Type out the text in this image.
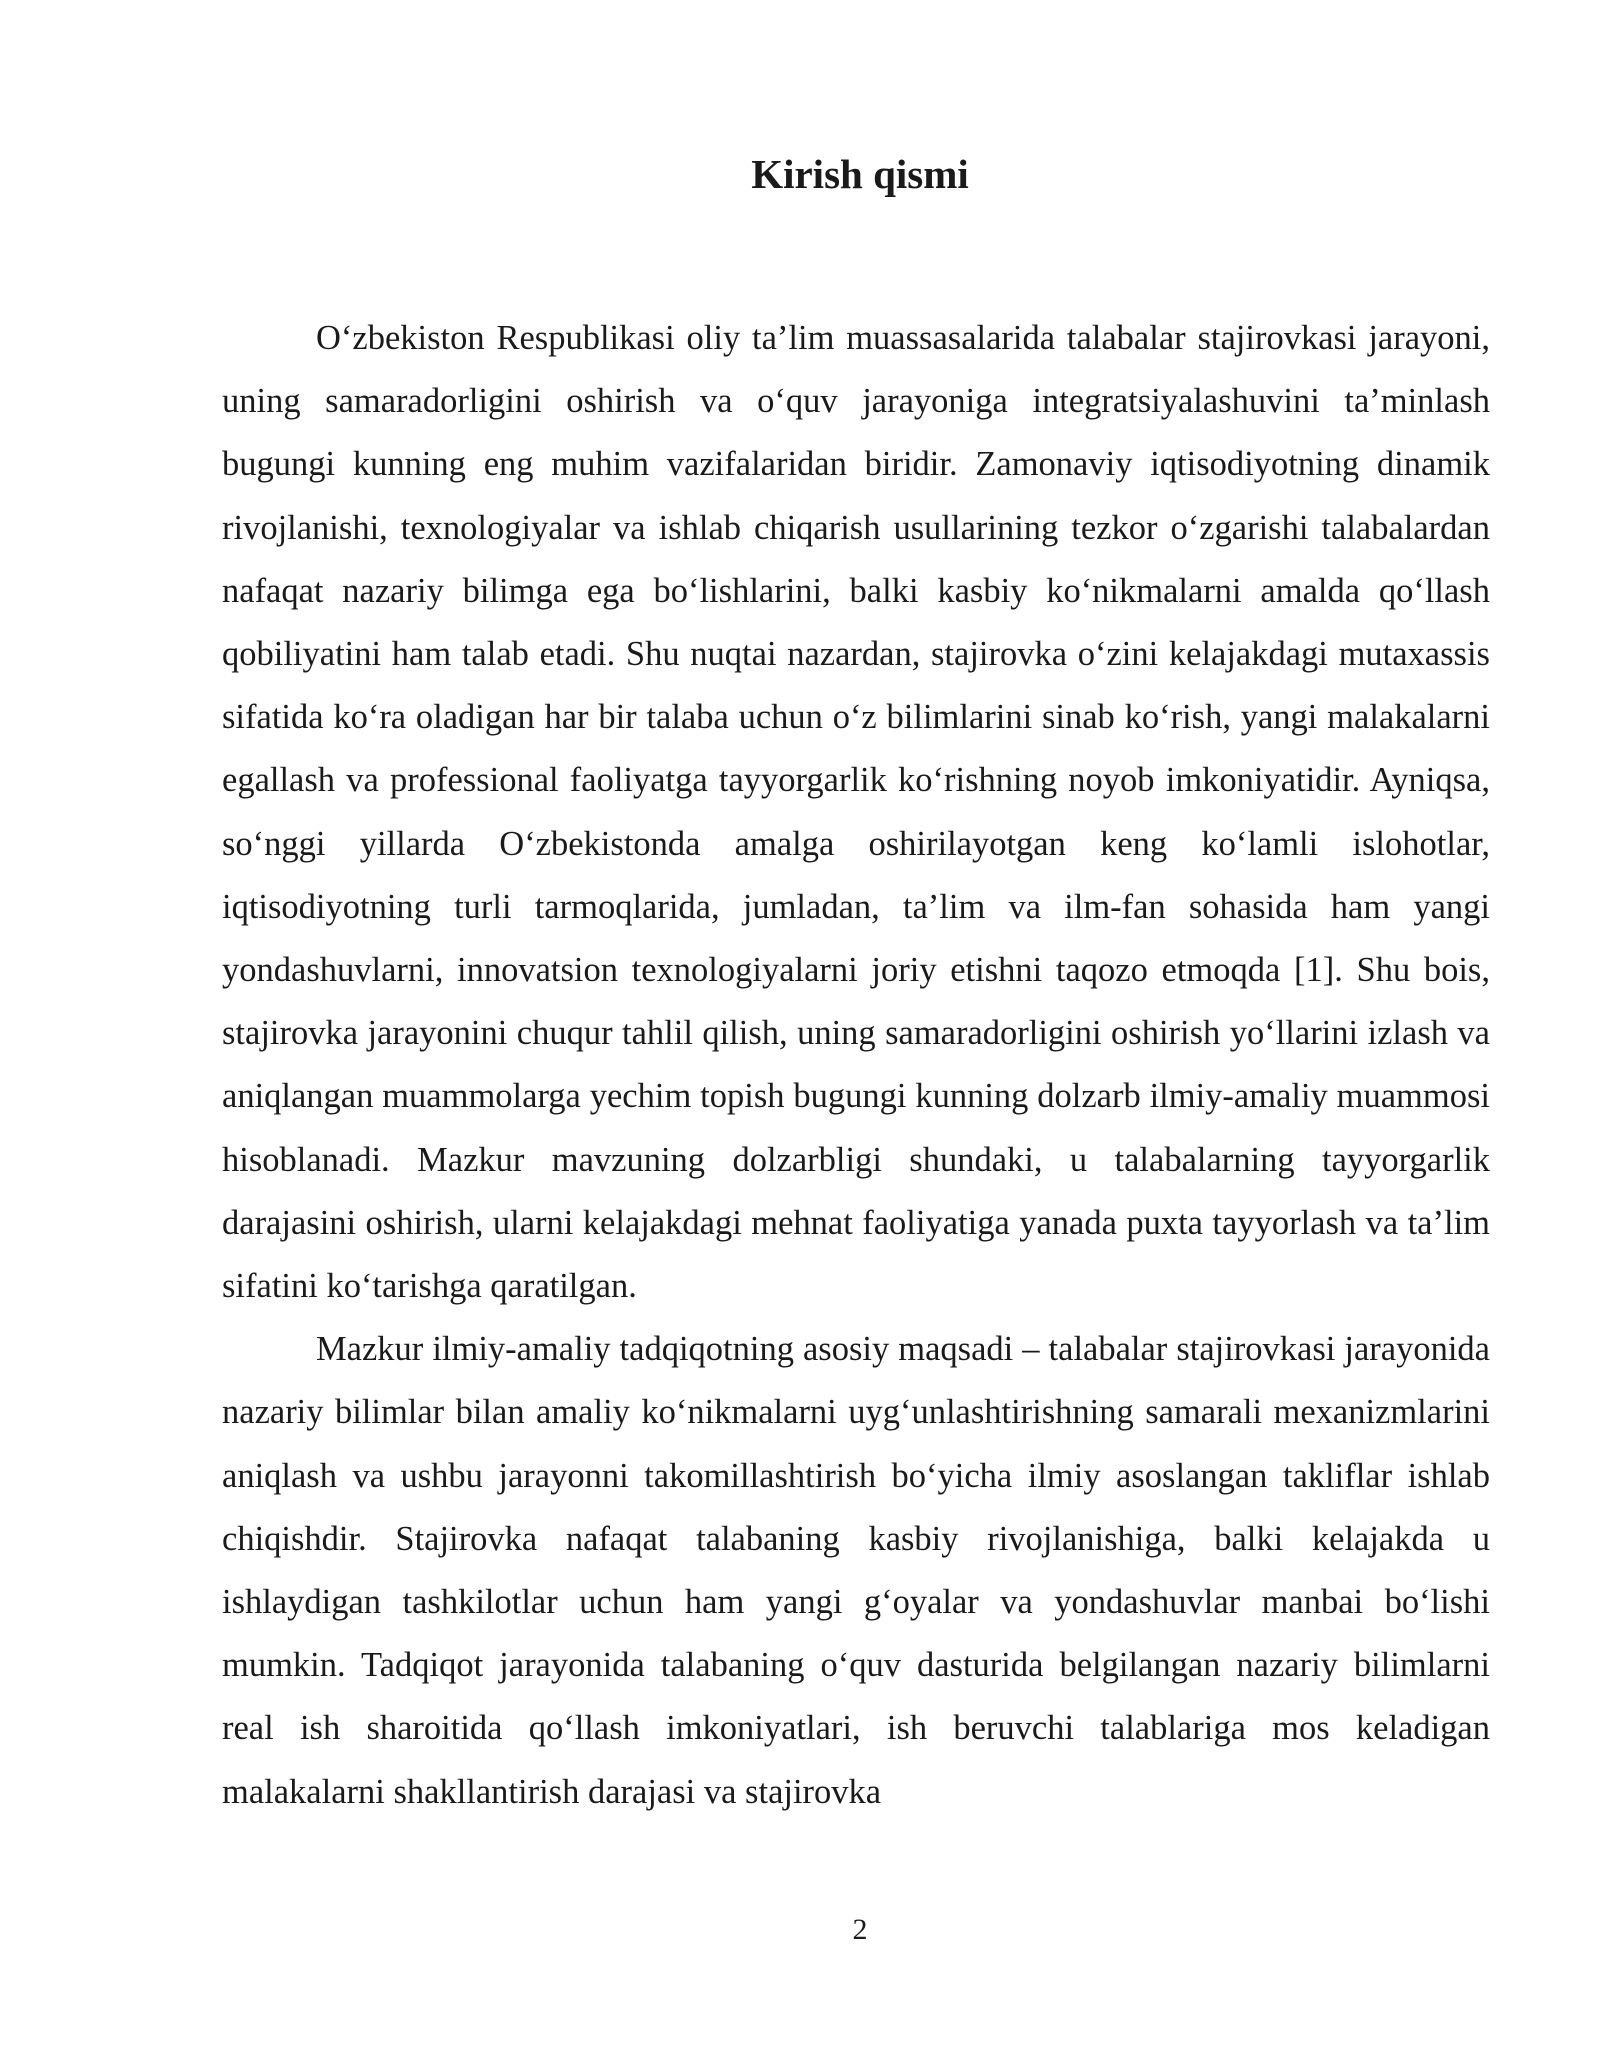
Kirish qismi

O‘zbekiston Respublikasi oliy ta’lim muassasalarida talabalar stajirovkasi jarayoni, uning samaradorligini oshirish va o‘quv jarayoniga integratsiyalashuvini ta’minlash bugungi kunning eng muhim vazifalaridan biridir. Zamonaviy iqtisodiyotning dinamik rivojlanishi, texnologiyalar va ishlab chiqarish usullarining tezkor o‘zgarishi talabalardan nafaqat nazariy bilimga ega bo‘lishlarini, balki kasbiy ko‘nikmalarni amalda qo‘llash qobiliyatini ham talab etadi. Shu nuqtai nazardan, stajirovka o‘zini kelajakdagi mutaxassis sifatida ko‘ra oladigan har bir talaba uchun o‘z bilimlarini sinab ko‘rish, yangi malakalarni egallash va professional faoliyatga tayyorgarlik ko‘rishning noyob imkoniyatidir. Ayniqsa, so‘nggi yillarda O‘zbekistonda amalga oshirilayotgan keng ko‘lamli islohotlar, iqtisodiyotning turli tarmoqlarida, jumladan, ta’lim va ilm-fan sohasida ham yangi yondashuvlarni, innovatsion texnologiyalarni joriy etishni taqozo etmoqda [1]. Shu bois, stajirovka jarayonini chuqur tahlil qilish, uning samaradorligini oshirish yo‘llarini izlash va aniqlangan muammolarga yechim topish bugungi kunning dolzarb ilmiy-amaliy muammosi hisoblanadi. Mazkur mavzuning dolzarbligi shundaki, u talabalarning tayyorgarlik darajasini oshirish, ularni kelajakdagi mehnat faoliyatiga yanada puxta tayyorlash va ta’lim sifatini ko‘tarishga qaratilgan.

Mazkur ilmiy-amaliy tadqiqotning asosiy maqsadi – talabalar stajirovkasi jarayonida nazariy bilimlar bilan amaliy ko‘nikmalarni uyg‘unlashtirishning samarali mexanizmlarini aniqlash va ushbu jarayonni takomillashtirish bo‘yicha ilmiy asoslangan takliflar ishlab chiqishdir. Stajirovka nafaqat talabaning kasbiy rivojlanishiga, balki kelajakda u ishlaydigan tashkilotlar uchun ham yangi g‘oyalar va yondashuvlar manbai bo‘lishi mumkin. Tadqiqot jarayonida talabaning o‘quv dasturida belgilangan nazariy bilimlarni real ish sharoitida qo‘llash imkoniyatlari, ish beruvchi talablariga mos keladigan malakalarni shakllantirish darajasi va stajirovka

2
